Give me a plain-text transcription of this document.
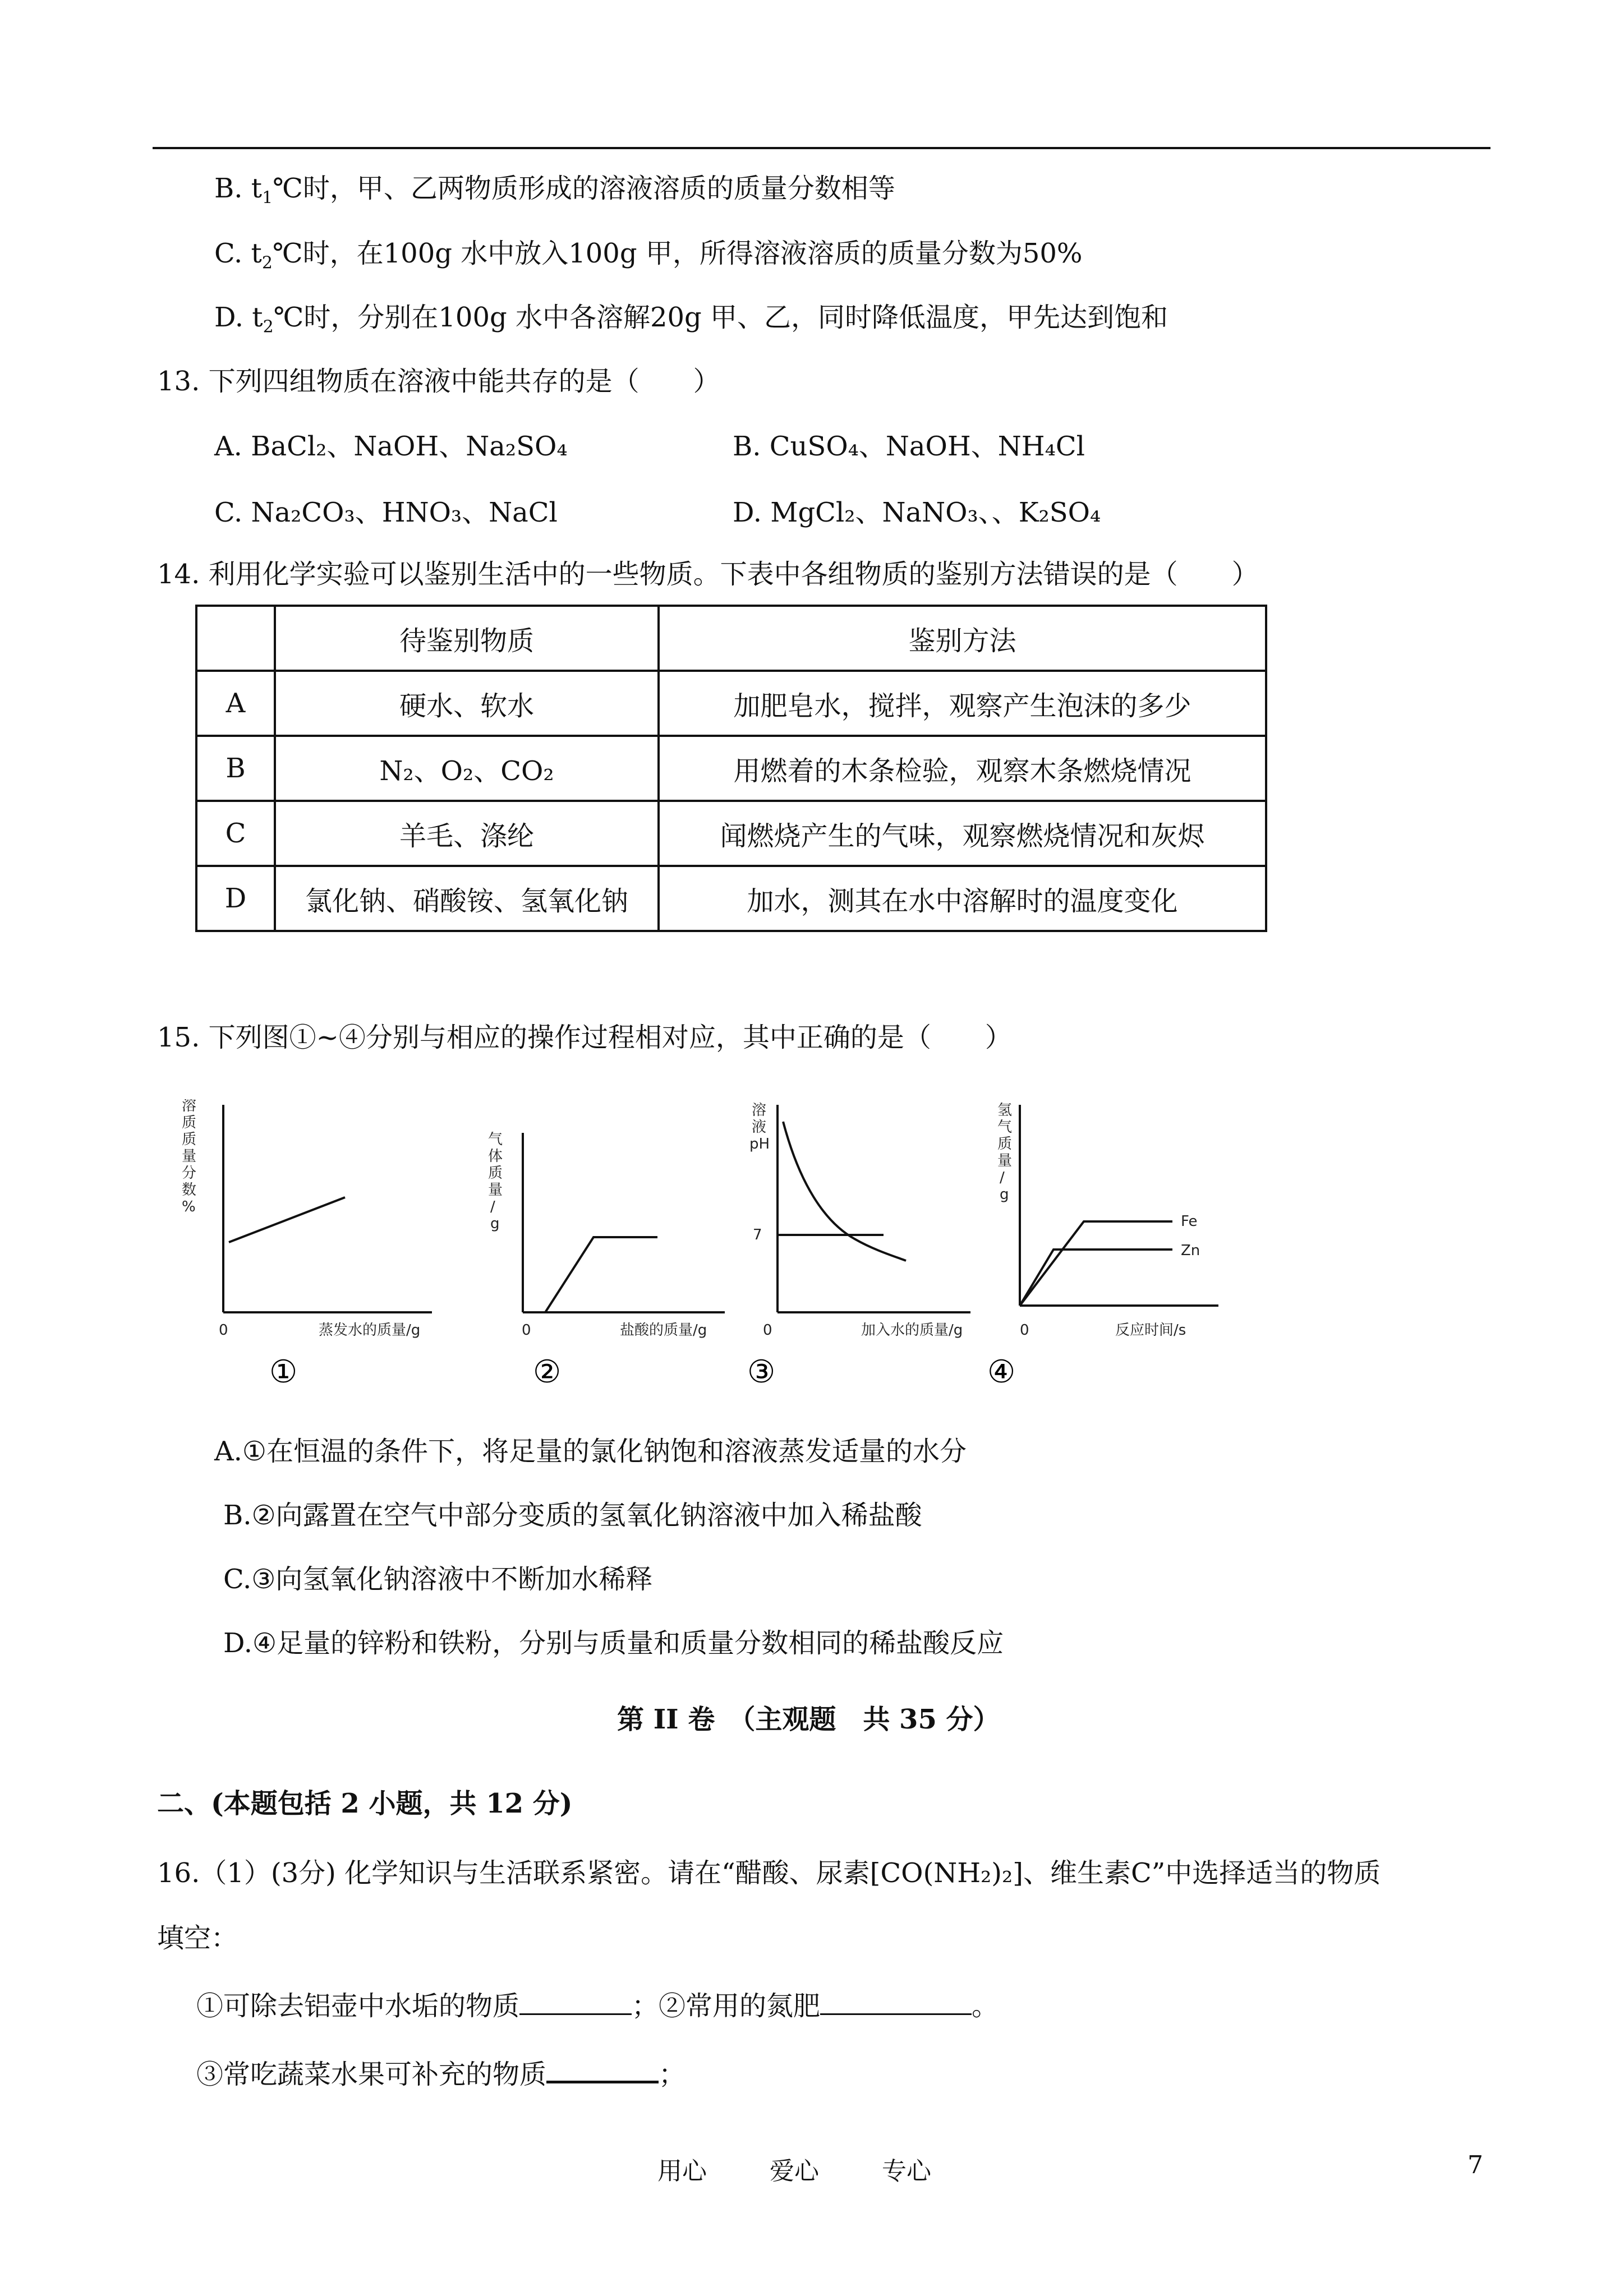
B. $t_1℃$时，甲、乙两物质形成的溶液溶质的质量分数相等
C. $t_2℃$时，在100g 水中放入100g 甲，所得溶液溶质的质量分数为50%
D. $t_2℃$时，分别在100g 水中各溶解20g 甲、乙，同时降低温度，甲先达到饱和
13. 下列四组物质在溶液中能共存的是（　　）
A. BaCl₂、NaOH、Na₂SO₄	B. CuSO₄、NaOH、NH₄Cl
C. Na₂CO₃、HNO₃、NaCl	D. MgCl₂、NaNO₃、、K₂SO₄
14. 利用化学实验可以鉴别生活中的一些物质。下表中各组物质的鉴别方法错误的是（　　）
	待鉴别物质	鉴别方法
A	硬水、软水	加肥皂水，搅拌，观察产生泡沫的多少
B	N₂、O₂、CO₂	用燃着的木条检验，观察木条燃烧情况
C	羊毛、涤纶	闻燃烧产生的气味，观察燃烧情况和灰烬
D	氯化钠、硝酸铵、氢氧化钠	加水，测其在水中溶解时的温度变化
15. 下列图①~④分别与相应的操作过程相对应，其中正确的是（　　）
溶
质
质
量
分
数
%
0	蒸发水的质量/g
①
气
体
质
量
/
g
0	盐酸的质量/g
②
溶
液
pH
7
0	加入水的质量/g
③
氢
气
质
量
/
g
0	反应时间/s
Fe
Zn
④
A.①在恒温的条件下，将足量的氯化钠饱和溶液蒸发适量的水分
B.②向露置在空气中部分变质的氢氧化钠溶液中加入稀盐酸
C.③向氢氧化钠溶液中不断加水稀释
D.④足量的锌粉和铁粉，分别与质量和质量分数相同的稀盐酸反应
第 II 卷　（主观题　共 35 分）
二、(本题包括 2 小题，共 12 分)
16.（1）(3分) 化学知识与生活联系紧密。请在“醋酸、尿素[CO(NH₂)₂]、维生素C”中选择适当的物质
填空：
①可除去铝壶中水垢的物质	；②常用的氮肥	。
③常吃蔬菜水果可补充的物质	；
用心	爱心	专心	7
